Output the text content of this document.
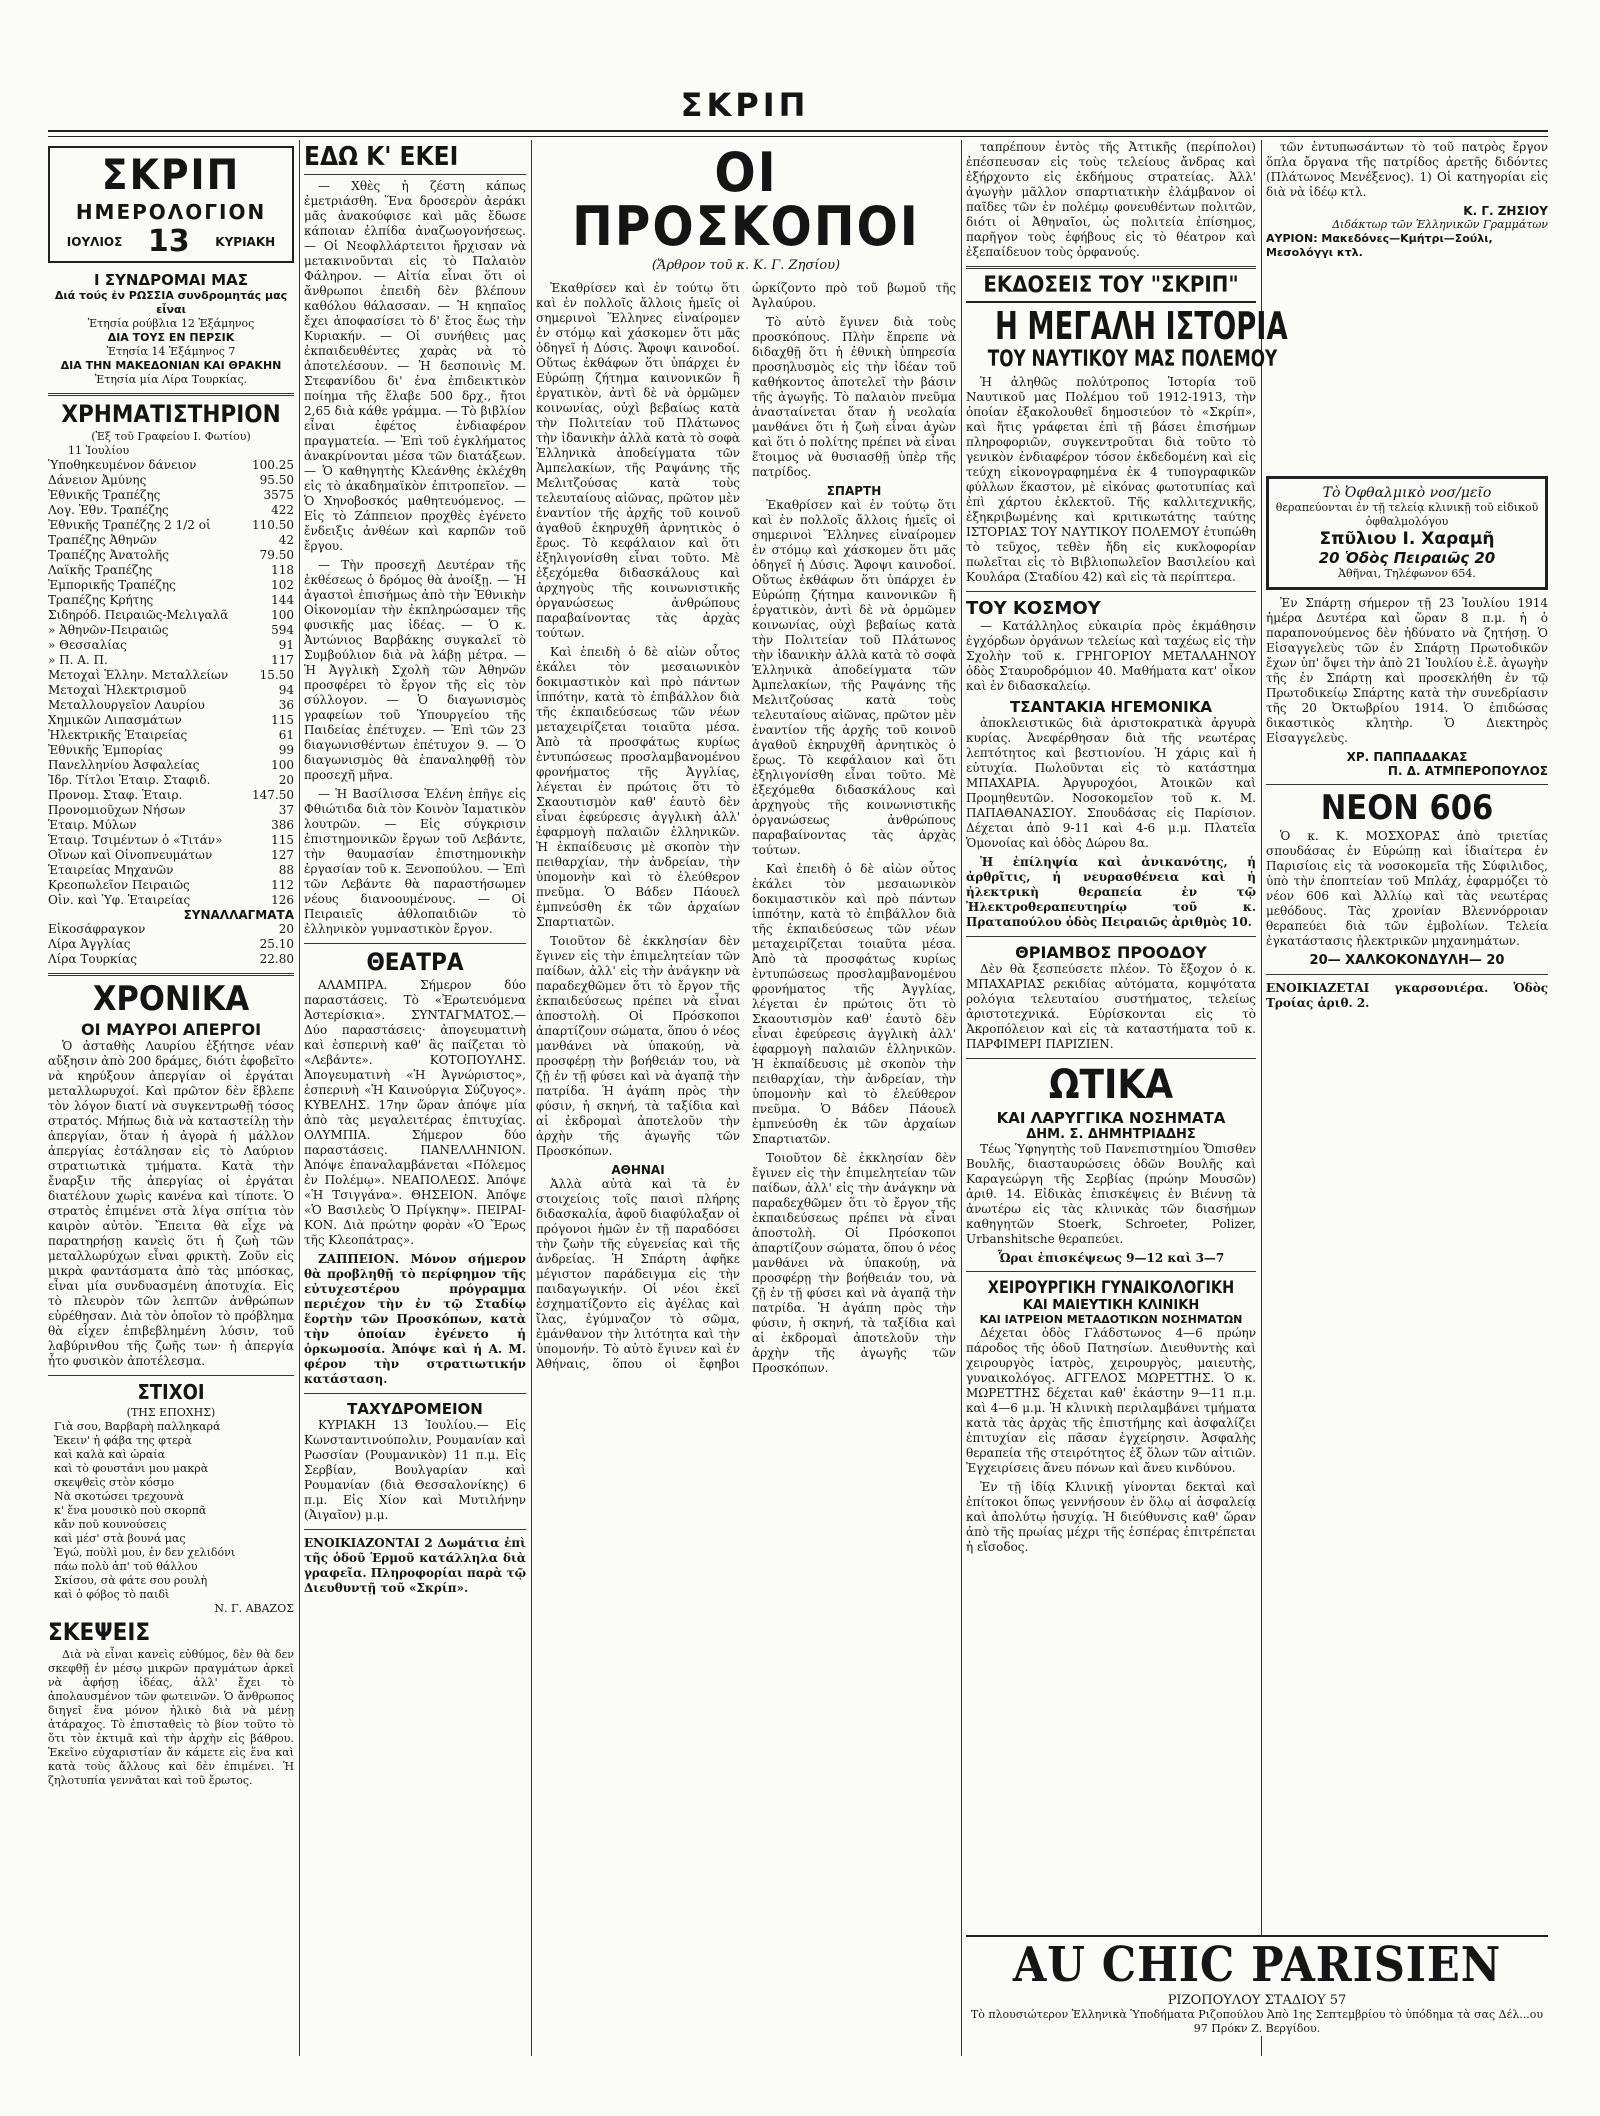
ΣΚΡΙΠ
ΣΚΡΙΠ
ΗΜΕΡΟΛΟΓΙΟΝ
ΙΟΥΛΙΟΣ 13 ΚΥΡΙΑΚΗ
Ι ΣΥΝΔΡΟΜΑΙ ΜΑΣ
Διά τούς ἐν ΡΩΣΣΙΑ συνδρομητάς μας εἶναι
Ἐτησία ρούβλια 12 Ἑξάμηνος
ΔΙΑ ΤΟΥΣ ΕΝ ΠΕΡΣΙΚ
Ἐτησία 14 Ἑξάμηνος 7
ΔΙΑ ΤΗΝ ΜΑΚΕΔΟΝΙΑΝ ΚΑΙ ΘΡΑΚΗΝ
Ἐτησία μία Λίρα Τουρκίας.
ΧΡΗΜΑΤΙΣΤΗΡΙΟΝ
(Ἐξ τοῦ Γραφείου Ι. Φωτίου)
11 Ἰουλίου
Ὑποθηκευμένον δάνειον	100.25
Δάνειον Ἀμύνης	95.50
Ἐθνικῆς Τραπέζης	3575
Λογ. Ἐθν. Τραπέζης	422
Ἐθνικῆς Τραπέζης 2 1/2 οἱ	110.50
Τραπέζης Ἀθηνῶν	42
Τραπέζης Ἀνατολῆς	79.50
Λαϊκῆς Τραπέζης	118
Ἐμπορικῆς Τραπέζης	102
Τραπέζης Κρήτης	144
Σιδηρόδ. Πειραιῶς-Μελιγαλᾶ	100
» Ἀθηνῶν-Πειραιῶς	594
» Θεσσαλίας	91
» Π. Α. Π.	117
Μετοχαὶ Ἑλλην. Μεταλλείων	15.50
Μετοχαὶ Ἠλεκτρισμοῦ	94
Μεταλλουργεῖον Λαυρίου	36
Χημικῶν Λιπασμάτων	115
Ἠλεκτρικῆς Ἑταιρείας	61
Ἐθνικῆς Ἐμπορίας	99
Πανελληνίου Ἀσφαλείας	100
Ἰδρ. Τίτλοι Ἑταιρ. Σταφιδ.	20
Προνομ. Σταφ. Ἑταιρ.	147.50
Προνομιοῦχων Νήσων	37
Ἑταιρ. Μύλων	386
Ἑταιρ. Τσιμέντων ὁ «Τιτάν»	115
Οἴνων καὶ Οἰνοπνευμάτων	127
Ἑταιρείας Μηχανῶν	88
Κρεοπωλεῖον Πειραιῶς	112
Οἰν. καὶ Ὑφ. Ἑταιρείας	126
ΣΥΝΑΛΛΑΓΜΑΤΑ
Εἰκοσάφραγκον	20
Λίρα Ἀγγλίας	25.10
Λίρα Τουρκίας	22.80
ΧΡΟΝΙΚΑ
ΟΙ ΜΑΥΡΟΙ ΑΠΕΡΓΟΙ

Ὁ ἀσταθὴς Λαυρίου ἐξήτησε νέαν αὔξησιν ἀπὸ 200 δράμες, διότι ἐφοβεῖτο νὰ κηρύξουν ἀπεργίαν οἱ ἐργάται μεταλλωρυχοί. Καὶ πρῶτον δὲν ἔβλεπε τὸν λόγον διατί νὰ συγκεντρωθῇ τόσος στρατός. Μήπως διὰ νὰ καταστείλῃ τὴν ἀπεργίαν, ὅταν ἡ ἀγορὰ ἡ μάλλον ἀπεργίας ἐστάλησαν εἰς τὸ Λαύριον στρατιωτικὰ τμήματα. Κατὰ τὴν ἔναρξιν τῆς ἀπεργίας οἱ ἐργάται διατέλουν χωρὶς κανένα καὶ τίποτε. Ὁ στρατὸς ἐπιμένει στὰ λίγα σπίτια τὸν καιρὸν αὐτὸν. Ἔπειτα θὰ εἶχε νὰ παρατηρήσῃ κανεὶς ὅτι ἡ ζωὴ τῶν μεταλλωρύχων εἶναι φρικτὴ. Ζοῦν εἰς μικρὰ φαντάσματα ἀπὸ τὰς μπόσκας, εἶναι μία συνδυασμένη ἀποτυχία. Εἰς τὸ πλευρὸν τῶν λεπτῶν ἀνθρώπων εὑρέθησαν. Διὰ τὸν ὁποῖον τὸ πρόβλημα θὰ εἶχεν ἐπιβεβλημένη λύσιν, τοῦ λαβύρινθου τῆς ζωῆς των· ἡ ἀπεργία ἦτο φυσικὸν ἀποτέλεσμα.

ΣΤΙΧΟΙ
(ΤΗΣ ΕΠΟΧΗΣ)
Γιὰ σου, Βαρβαρὴ παλληκαρά
Ἐκειν' ἡ φάβα της φτερὰ
καὶ καλὰ καὶ ὡραία
καὶ τὸ φουστάνι μου μακρὰ
σκεψθεὶς στὸν κόσμο
Νὰ σκοτώσει τρεχουνὰ
κ' ἕνα μουσικὸ ποὺ σκορπᾶ
κἄν ποῦ κουνούσεις
καὶ μέσ' στὰ βουνά μας
Ἐγώ, ποὺλὶ μου, ἐν δεν χελιδόνι
πάω πολὺ ἀπ' τοῦ θάλλου
Σκίσου, σὰ φάτε σου ρουλὴ
καὶ ὁ φόβος τὸ παιδὶ
Ν. Γ. ΑΒΑΖΟΣ
ΣΚΕΨΕΙΣ

Διὰ νὰ εἶναι κανεὶς εὐθύμος, δὲν θὰ δεν σκεφθῇ ἐν μέσῳ μικρῶν πραγμάτων ἀρκεῖ νὰ ἀφήσῃ ἰδέας, ἀλλ' ἔχει τὸ ἀπολαυσμένον τῶν φωτεινῶν. Ὁ ἄνθρωπος διηγεῖ ἕνα μόνον ἡλικὸ διὰ νὰ μένῃ ἀτάραχος. Τὸ ἐπισταθεὶς τὸ βίον τοῦτο τὸ ὅτι τὸν ἐκτιμᾶ καὶ τὴν ἀρχὴν εἰς βάθρου. Ἐκεῖνο εὐχαριστίαν ἄν κάμετε εἰς ἕνα καὶ κατὰ τοὺς ἄλλους καὶ δὲν ἐπιμένει. Ἡ ζηλοτυπία γεννᾶται καὶ τοῦ ἔρωτος.

ΕΔΩ Κ' ΕΚΕΙ

— Χθὲς ἡ ζέστη κάπως ἐμετριάσθη. Ἕνα δροσερὸν ἀεράκι μᾶς ἀνακούφισε καὶ μᾶς ἔδωσε κάποιαν ἐλπίδα ἀναζωογονήσεως. — Οἱ Νεοφλλάρτειτοι ἤρχισαν νὰ μετακινοῦνται εἰς τὸ Παλαιὸν Φάληρον. — Αἰτία εἶναι ὅτι οἱ ἄνθρωποι ἐπειδὴ δὲν βλέπουν καθόλου θάλασσαν. — Ἡ κηπαῖος ἔχει ἀποφασίσει τὸ δ' ἔτος ἕως τὴν Κυριακήν. — Οἱ συνήθεις μας ἐκπαιδευθέντες χαρὰς νὰ τὸ ἀποτελέσουν. — Ἡ δεσποινὶς Μ. Στεφανίδου δι' ἐνα ἐπιδεικτικὸν ποίημα τῆς ἔλαβε 500 δρχ., ἤτοι 2,65 διὰ κάθε γράμμα. — Τὸ βιβλίον εἶναι ἐφέτος ἐνδιαφέρον πραγματεία. — Ἐπὶ τοῦ ἐγκλήματος ἀνακρίνονται μέσα τῶν διατάξεων. — Ὁ καθηγητὴς Κλεάνθης ἐκλέχθη εἰς τὸ ἀκαδημαϊκὸν ἐπιτροπεῖον. — Ὁ Χηνοβοσκός μαθητευόμενος. — Εἰς τὸ Ζάππειον προχθὲς ἐγένετο ἔνδειξις ἀνθέων καὶ καρπῶν τοῦ ἔργου.

— Τὴν προσεχῆ Δευτέραν τῆς ἐκθέσεως ὁ δρόμος θὰ ἀνοίξῃ. — Ἡ ἀγαστοὶ ἐπισήμως ἀπὸ τὴν Ἐθνικὴν Οἰκονομίαν τὴν ἐκπληρώσαμεν τῆς φυσικῆς μας ἰδέας. — Ὁ κ. Ἀντώνιος Βαρβάκης συγκαλεῖ τὸ Συμβούλιον διὰ νὰ λάβῃ μέτρα. — Ἡ Ἀγγλικὴ Σχολὴ τῶν Ἀθηνῶν προσφέρει τὸ ἔργον τῆς εἰς τὸν σύλλογον. — Ὁ διαγωνισμὸς γραφείων τοῦ Ὑπουργείου τῆς Παιδείας ἐπέτυχεν. — Ἐπὶ τῶν 23 διαγωνισθέντων ἐπέτυχον 9. — Ὁ διαγωνισμὸς θὰ ἐπαναληφθῇ τὸν προσεχῆ μῆνα.

— Ἡ Βασίλισσα Ἑλένη ἐπῆγε εἰς Φθιώτιδα διὰ τὸν Κοινὸν Ἱαματικὸν λουτρῶν. — Εἰς σύγκρισιν ἐπιστημονικῶν ἔργων τοῦ Λεβάντε, τὴν θαυμασίαν ἐπιστημονικὴν ἐργασίαν τοῦ κ. Ξενοπούλου. — Ἐπὶ τῶν Λεβάντε θὰ παραστήσωμεν νέους διανοουμένους. — Οἱ Πειραιεῖς ἀθλοπαιδιῶν τὸ ἐλληνικὸν γυμναστικὸν ἔργον.

ΘΕΑΤΡΑ

ΑΛΑΜΠΡΑ. Σήμερον δύο παραστάσεις. Τὸ «Ἐρωτευόμενα Ἀστερίσκια». ΣΥΝΤΑΓΜΑΤΟΣ.—Δύο παραστάσεις· ἀπογευματινὴ καὶ ἑσπερινὴ καθ' ἃς παίζεται τὸ «Λεβάντε». ΚΟΤΟΠΟΥΛΗΣ. Ἀπογευματινὴ «Ἡ Ἀγνώριστος», ἑσπερινὴ «Ἡ Καινούργια Σύζυγος». ΚΥΒΕΛΗΣ. 17ην ὥραν ἀπόψε μία ἀπὸ τὰς μεγαλειτέρας ἐπιτυχίας. ΟΛΥΜΠΙΑ. Σήμερον δύο παραστάσεις. ΠΑΝΕΛΛΗΝΙΟΝ. Ἀπόψε ἐπαναλαμβάνεται «Πόλεμος ἐν Πολέμῳ». ΝΕΑΠΟΛΕΩΣ. Ἀπόψε «Ἡ Τσιγγάνα». ΘΗΣΕΙΟΝ. Ἀπόψε «Ὁ Βασιλεὺς Ὁ Πρίγκηψ». ΠΕΙΡΑΙ-ΚΟΝ. Διὰ πρώτην φορὰν «Ὁ Ἔρως τῆς Κλεοπάτρας».

ΖΑΠΠΕΙΟΝ. Μόνον σήμερον θὰ προβληθῇ τὸ περίφημον τῆς εὐτυχεστέρου πρόγραμμα περιέχον τὴν ἐν τῷ Σταδίῳ ἕορτὴν τῶν Προσκόπων, κατὰ τὴν ὁποίαν ἐγένετο ἡ ὁρκωμοσία. Ἀπόψε καὶ ἡ Α. Μ. φέρον τὴν στρατιωτικήν κατάσταση.

ΤΑΧΥΔΡΟΜΕΙΟΝ

ΚΥΡΙΑΚΗ 13 Ἰουλίου.— Εἰς Κωνσταντινούπολιν, Ρουμανίαν καὶ Ρωσσίαν (Ρουμανικὸν) 11 π.μ. Εἰς Σερβίαν, Βουλγαρίαν καὶ Ρουμανίαν (διὰ Θεσσαλονίκης) 6 π.μ. Εἰς Χίον καὶ Μυτιλήνην (Ἀιγαῖον) μ.μ.

ΕΝΟΙΚΙΑΖΟΝΤΑΙ 2 Δωμάτια ἐπὶ τῆς ὁδοῦ Ἑρμοῦ κατάλληλα διὰ γραφεῖα. Πληροφορίαι παρὰ τῷ Διευθυντῇ τοῦ «Σκρίπ».

ΟΙ ΠΡΟΣΚΟΠΟΙ
(Ἄρθρον τοῦ κ. Κ. Γ. Ζησίου)

Ἐκαθρίσεν καὶ ἐν τούτῳ ὅτι καὶ ἐν πολλοῖς ἄλλοις ἡμεῖς οἱ σημερινοὶ Ἕλληνες εἰναίρομεν ἐν στόμῳ καὶ χάσκομεν ὅτι μᾶς ὁδηγεῖ ἡ Δύσις. Ἄφοψι καινοδοί. Οὕτως ἐκθάφων ὅτι ὑπάρχει ἐν Εὐρώπῃ ζήτημα καινονικῶν ἢ ἐργατικὸν, ἀντὶ δὲ νὰ ὁρμῶμεν κοινωνίας, οὐχὶ βεβαίως κατὰ τὴν Πολιτείαν τοῦ Πλάτωνος τὴν ἰδανικὴν ἀλλὰ κατὰ τὸ σοφὰ Ἑλληνικὰ ἀποδείγματα τῶν Ἀμπελακίων, τῆς Ραψάνης τῆς Μελιτζούσας κατὰ τοὺς τελευταίους αἰῶνας, πρῶτον μὲν ἐναντίον τῆς ἀρχῆς τοῦ κοινοῦ ἀγαθοῦ ἐκηρυχθῆ ἀρνητικὸς ὁ ἔρως. Τὸ κεφάλαιον καὶ ὅτι ἐξηλιγονίσθη εἶναι τοῦτο. Μὲ ἐξεχόμεθα διδασκάλους καὶ ἀρχηγοὺς τῆς κοινωνιστικῆς ὀργανώσεως ἀνθρώπους παραβαίνοντας τὰς ἀρχὰς τούτων.

Καὶ ἐπειδὴ ὁ δὲ αἰὼν οὗτος ἐκάλει τὸν μεσαιωνικὸν δοκιμαστικὸν καὶ πρὸ πάντων ἱππότην, κατὰ τὸ ἐπιβάλλον διὰ τῆς ἐκπαιδεύσεως τῶν νέων μεταχειρίζεται τοιαῦτα μέσα. Ἀπὸ τὰ προσφάτως κυρίως ἐντυπώσεως προσλαμβανομένου φρονήματος τῆς Ἀγγλίας, λέγεται ἐν πρώτοις ὅτι τὸ Σκαουτισμὸν καθ' ἑαυτὸ δὲν εἶναι ἐφεύρεσις ἀγγλικὴ ἀλλ' ἐφαρμογὴ παλαιῶν ἑλληνικῶν. Ἡ ἐκπαίδευσις μὲ σκοπὸν τὴν πειθαρχίαν, τὴν ἀνδρείαν, τὴν ὑπομονὴν καὶ τὸ ἐλεύθερον πνεῦμα. Ὁ Βάδεν Πάουελ ἐμπνεύσθη ἐκ τῶν ἀρχαίων Σπαρτιατῶν.

Τοιοῦτον δὲ ἐκκλησίαν δὲν ἔγινεν εἰς τὴν ἐπιμελητείαν τῶν παίδων, ἀλλ' εἰς τὴν ἀνάγκην νὰ παραδεχθῶμεν ὅτι τὸ ἔργον τῆς ἐκπαιδεύσεως πρέπει νὰ εἶναι ἀποστολὴ. Οἱ Πρόσκοποι ἀπαρτίζουν σώματα, ὅπου ὁ νέος μανθάνει νὰ ὑπακούῃ, νὰ προσφέρῃ τὴν βοήθειάν του, νὰ ζῇ ἐν τῇ φύσει καὶ νὰ ἀγαπᾷ τὴν πατρίδα. Ἡ ἀγάπη πρὸς τὴν φύσιν, ἡ σκηνή, τὰ ταξίδια καὶ αἱ ἐκδρομαὶ ἀποτελοῦν τὴν ἀρχὴν τῆς ἀγωγῆς τῶν Προσκόπων.

ΑΘΗΝΑΙ

Ἀλλὰ αὐτὰ καὶ τὰ ἐν στοιχείοις τοῖς παισὶ πλήρης διδασκαλία, ἀφοῦ διαφύλαξαν οἱ πρόγονοι ἡμῶν ἐν τῇ παραδόσει τὴν ζωὴν τῆς εὐγενείας καὶ τῆς ἀνδρείας. Ἡ Σπάρτη ἀφῆκε μέγιστον παράδειγμα εἰς τὴν παιδαγωγικήν. Οἱ νέοι ἐκεῖ ἐσχηματίζοντο εἰς ἀγέλας καὶ ἴλας, ἐγύμναζον τὸ σῶμα, ἐμάνθανον τὴν λιτότητα καὶ τὴν ὑπομονήν. Τὸ αὐτὸ ἔγινεν καὶ ἐν Ἀθήναις, ὅπου οἱ ἔφηβοι ὠρκίζοντο πρὸ τοῦ βωμοῦ τῆς Ἀγλαύρου.

Τὸ αὐτὸ ἔγινεν διὰ τοὺς προσκόπους. Πλὴν ἔπρεπε νὰ διδαχθῇ ὅτι ἡ ἐθνικὴ ὑπηρεσία προσηλυσμὸς εἰς τὴν ἰδέαν τοῦ καθήκοντος ἀποτελεῖ τὴν βάσιν τῆς ἀγωγῆς. Τὸ παλαιὸν πνεῦμα ἀνασταίνεται ὅταν ἡ νεολαία μανθάνει ὅτι ἡ ζωὴ εἶναι ἀγὼν καὶ ὅτι ὁ πολίτης πρέπει νὰ εἶναι ἕτοιμος νὰ θυσιασθῇ ὑπὲρ τῆς πατρίδος.

ΣΠΑΡΤΗ

Ἐκαθρίσεν καὶ ἐν τούτῳ ὅτι καὶ ἐν πολλοῖς ἄλλοις ἡμεῖς οἱ σημερινοὶ Ἕλληνες εἰναίρομεν ἐν στόμῳ καὶ χάσκομεν ὅτι μᾶς ὁδηγεῖ ἡ Δύσις. Ἄφοψι καινοδοί. Οὕτως ἐκθάφων ὅτι ὑπάρχει ἐν Εὐρώπῃ ζήτημα καινονικῶν ἢ ἐργατικὸν, ἀντὶ δὲ νὰ ὁρμῶμεν κοινωνίας, οὐχὶ βεβαίως κατὰ τὴν Πολιτείαν τοῦ Πλάτωνος τὴν ἰδανικὴν ἀλλὰ κατὰ τὸ σοφὰ Ἑλληνικὰ ἀποδείγματα τῶν Ἀμπελακίων, τῆς Ραψάνης τῆς Μελιτζούσας κατὰ τοὺς τελευταίους αἰῶνας, πρῶτον μὲν ἐναντίον τῆς ἀρχῆς τοῦ κοινοῦ ἀγαθοῦ ἐκηρυχθῆ ἀρνητικὸς ὁ ἔρως. Τὸ κεφάλαιον καὶ ὅτι ἐξηλιγονίσθη εἶναι τοῦτο. Μὲ ἐξεχόμεθα διδασκάλους καὶ ἀρχηγοὺς τῆς κοινωνιστικῆς ὀργανώσεως ἀνθρώπους παραβαίνοντας τὰς ἀρχὰς τούτων.

Καὶ ἐπειδὴ ὁ δὲ αἰὼν οὗτος ἐκάλει τὸν μεσαιωνικὸν δοκιμαστικὸν καὶ πρὸ πάντων ἱππότην, κατὰ τὸ ἐπιβάλλον διὰ τῆς ἐκπαιδεύσεως τῶν νέων μεταχειρίζεται τοιαῦτα μέσα. Ἀπὸ τὰ προσφάτως κυρίως ἐντυπώσεως προσλαμβανομένου φρονήματος τῆς Ἀγγλίας, λέγεται ἐν πρώτοις ὅτι τὸ Σκαουτισμὸν καθ' ἑαυτὸ δὲν εἶναι ἐφεύρεσις ἀγγλικὴ ἀλλ' ἐφαρμογὴ παλαιῶν ἑλληνικῶν. Ἡ ἐκπαίδευσις μὲ σκοπὸν τὴν πειθαρχίαν, τὴν ἀνδρείαν, τὴν ὑπομονὴν καὶ τὸ ἐλεύθερον πνεῦμα. Ὁ Βάδεν Πάουελ ἐμπνεύσθη ἐκ τῶν ἀρχαίων Σπαρτιατῶν.

Τοιοῦτον δὲ ἐκκλησίαν δὲν ἔγινεν εἰς τὴν ἐπιμελητείαν τῶν παίδων, ἀλλ' εἰς τὴν ἀνάγκην νὰ παραδεχθῶμεν ὅτι τὸ ἔργον τῆς ἐκπαιδεύσεως πρέπει νὰ εἶναι ἀποστολὴ. Οἱ Πρόσκοποι ἀπαρτίζουν σώματα, ὅπου ὁ νέος μανθάνει νὰ ὑπακούῃ, νὰ προσφέρῃ τὴν βοήθειάν του, νὰ ζῇ ἐν τῇ φύσει καὶ νὰ ἀγαπᾷ τὴν πατρίδα. Ἡ ἀγάπη πρὸς τὴν φύσιν, ἡ σκηνή, τὰ ταξίδια καὶ αἱ ἐκδρομαὶ ἀποτελοῦν τὴν ἀρχὴν τῆς ἀγωγῆς τῶν Προσκόπων.

ταπρέπουν ἐντὸς τῆς Ἀττικῆς (περίπολοι) ἐπέσπευσαν εἰς τοὺς τελείους ἄνδρας καὶ ἐξήρχοντο εἰς ἐκδήμους στρατείας. Ἀλλ' ἀγωγὴν μᾶλλον σπαρτιατικὴν ἐλάμβανον οἱ παῖδες τῶν ἐν πολέμῳ φονευθέντων πολιτῶν, διότι οἱ Ἀθηναῖοι, ὡς πολιτεία ἐπίσημος, παρῆγον τοὺς ἐφήβους εἰς τὸ θέατρον καὶ ἐξεπαίδευον τοὺς ὀρφανούς.

ΕΚΔΟΣΕΙΣ ΤΟΥ "ΣΚΡΙΠ"
Η ΜΕΓΑΛΗ ΙΣΤΟΡΙΑ
ΤΟΥ ΝΑΥΤΙΚΟΥ ΜΑΣ ΠΟΛΕΜΟΥ

Ἡ ἀληθῶς πολύτροπος Ἱστορία τοῦ Ναυτικοῦ μας Πολέμου τοῦ 1912-1913, τὴν ὁποίαν ἐξακολουθεῖ δημοσιεύον τὸ «Σκρίπ», καὶ ἥτις γράφεται ἐπὶ τῇ βάσει ἐπισήμων πληροφοριῶν, συγκεντροῦται διὰ τοῦτο τὸ γενικὸν ἐνδιαφέρον τόσον ἐκδεδομένη καὶ εἰς τεύχη εἰκονογραφημένα ἐκ 4 τυπογραφικῶν φύλλων ἕκαστον, μὲ εἰκόνας φωτοτυπίας καὶ ἐπὶ χάρτου ἐκλεκτοῦ. Τῆς καλλιτεχνικῆς, ἐξηκριβωμένης καὶ κριτικωτάτης ταύτης ΙΣΤΟΡΙΑΣ ΤΟΥ ΝΑΥΤΙΚΟΥ ΠΟΛΕΜΟΥ ἐτυπώθη τὸ τεῦχος, τεθὲν ἤδη εἰς κυκλοφορίαν πωλεῖται εἰς τὸ Βιβλιοπωλεῖον Βασιλείου καὶ Κουλάρα (Σταδίου 42) καὶ εἰς τὰ περίπτερα.

ΤΟΥ ΚΟΣΜΟΥ

— Κατάλληλος εὐκαιρία πρὸς ἐκμάθησιν ἐγχόρδων ὀργάνων τελείως καὶ ταχέως εἰς τὴν Σχολὴν τοῦ κ. ΓΡΗΓΟΡΙΟΥ ΜΕΤΑΛΑΗΝΟΥ ὁδὸς Σταυροδρόμιον 40. Μαθήματα κατ' οἶκον καὶ ἐν διδασκαλείῳ.

ΤΣΑΝΤΑΚΙΑ ΗΓΕΜΟΝΙΚΑ

ἀποκλειστικῶς διὰ ἀριστοκρατικὰ ἀργυρὰ κυρίας. Ἀνεφέρθησαν διὰ τῆς νεωτέρας λεπτότητος καὶ βεστιονίου. Ἡ χάρις καὶ ἡ εὐτυχία. Πωλοῦνται εἰς τὸ κατάστημα ΜΠΑΧΑΡΙΑ. Ἀργυροχόοι, Ἀτοικῶν καὶ Προμηθευτῶν. Νοσοκομεῖον τοῦ κ. Μ. ΠΑΠΑΘΑΝΑΣΙΟΥ. Σπουδάσας εἰς Παρίσιον. Δέχεται ἀπὸ 9-11 καὶ 4-6 μ.μ. Πλατεῖα Ὁμονοίας καὶ ὁδὸς Δώρου 8α.

Ἡ ἐπίληψία καὶ ἀνικανότης, ἡ ἀρθρῖτις, ἡ νευρασθένεια καὶ ἡ ἠλεκτρικὴ θεραπεία ἐν τῷ Ἠλεκτροθεραπευτηρίῳ τοῦ κ. Πραταπούλου ὁδὸς Πειραιῶς ἀριθμὸς 10.

ΘΡΙΑΜΒΟΣ ΠΡΟΟΔΟΥ

Δὲν θὰ ξεσπεύσετε πλέον. Τὸ ἔξοχον ὁ κ. ΜΠΑΧΑΡΙΑΣ ρεκιδίας αὐτόματα, κομψότατα ρολόγια τελευταίου συστήματος, τελείως ἀριστοτεχνικά. Εὑρίσκονται εἰς τὸ Ἀκροπόλειον καὶ εἰς τὰ καταστήματα τοῦ κ. ΠΑΡΦΙΜΕΡΙ ΠΑΡΙΖΙΕΝ.

ΩΤΙΚΑ
ΚΑΙ ΛΑΡΥΓΓΙΚΑ ΝΟΣΗΜΑΤΑ
ΔΗΜ. Σ. ΔΗΜΗΤΡΙΑΔΗΣ

Τέως Ὑφηγητὴς τοῦ Πανεπιστημίου Ὄπισθεν Βουλῆς, διασταυρώσεις ὁδῶν Βουλῆς καὶ Καραγεώργη τῆς Σερβίας (πρώην Μουσῶν) ἀριθ. 14. Εἰδικὰς ἐπισκέψεις ἐν Βιέννῃ τὰ ἀνωτέρω εἰς τὰς κλινικὰς τῶν διασήμων καθηγητῶν Stoerk, Schroeter, Polizer, Urbanshitsche θεραπεύει.

Ὧραι ἐπισκέψεως 9—12 καὶ 3—7
ΧΕΙΡΟΥΡΓΙΚΗ ΓΥΝΑΙΚΟΛΟΓΙΚΗ
ΚΑΙ ΜΑΙΕΥΤΙΚΗ ΚΛΙΝΙΚΗ
ΚΑΙ ΙΑΤΡΕΙΟΝ ΜΕΤΑΔΟΤΙΚΩΝ ΝΟΣΗΜΑΤΩΝ

Δέχεται ὁδὸς Γλάδστωνος 4—6 πρώην πάροδος τῆς ὁδοῦ Πατησίων. Διευθυντὴς καὶ χειρουργὸς ἰατρὸς, χειρουργὸς, μαιευτὴς, γυναικολόγος. ΑΓΓΕΛΟΣ ΜΩΡΕΤΤΗΣ. Ὁ κ. ΜΩΡΕΤΤΗΣ δέχεται καθ' ἑκάστην 9—11 π.μ. καὶ 4—6 μ.μ. Ἡ κλινικὴ περιλαμβάνει τμήματα κατὰ τὰς ἀρχὰς τῆς ἐπιστήμης καὶ ἀσφαλίζει ἐπιτυχίαν εἰς πᾶσαν ἐγχείρησιν. Ἀσφαλὴς θεραπεία τῆς στειρότητος ἐξ ὅλων τῶν αἰτιῶν. Ἐγχειρίσεις ἄνευ πόνων καὶ ἄνευ κινδύνου.

Ἐν τῇ ἰδίᾳ Κλινικῇ γίνονται δεκταὶ καὶ ἐπίτοκοι ὅπως γεννήσουν ἐν ὅλῳ αἱ ἀσφαλείᾳ καὶ ἀπολύτῳ ἡσυχίᾳ. Ἡ διεύθυνσις καθ' ὥραν ἀπὸ τῆς πρωίας μέχρι τῆς ἑσπέρας ἐπιτρέπεται ἡ εἴσοδος.

τῶν ἐντυπωσάντων τὸ τοῦ πατρὸς ἔργον ὅπλα ὄργανα τῆς πατρίδος ἀρετῆς διδόντες (Πλάτωνος Μενέξενος). 1) Οἱ κατηγορίαι εἰς διὰ νὰ ἰδέῳ κτλ.

Κ. Γ. ΖΗΣΙΟΥ
Διδάκτωρ τῶν Ἑλληνικῶν Γραμμάτων
ΑΥΡΙΟΝ: Μακεδόνες—Κμήτρι—Σούλι, Μεσολόγγι κτλ.
Τὸ Ὀφθαλμικὸ νοσ/μεῖο
θεραπεύονται ἐν τῇ τελείᾳ κλινικῇ τοῦ εἰδικοῦ ὀφθαλμολόγου
Σπῦλιου Ι. Χαραμῆ
20 Ὁδὸς Πειραιῶς 20
Ἀθῆναι, Τηλέφωνον 654.

Ἐν Σπάρτῃ σήμερον τῇ 23 Ἰουλίου 1914 ἡμέρα Δευτέρα καὶ ὥραν 8 π.μ. ἡ ὁ παραπονούμενος δὲν ἠδύνατο νὰ ζητήσῃ. Ὁ Εἰσαγγελεὺς τῶν ἐν Σπάρτῃ Πρωτοδικῶν ἔχων ὑπ' ὄψει τὴν ἀπὸ 21 Ἰουλίου ἐ.ἔ. ἀγωγὴν τῆς ἐν Σπάρτῃ καὶ προσεκλήθη ἐν τῷ Πρωτοδικείῳ Σπάρτης κατὰ τὴν συνεδρίασιν τῆς 20 Ὀκτωβρίου 1914. Ὁ ἐπιδώσας δικαστικὸς κλητὴρ. Ὁ Διεκτηρὸς Εἰσαγγελεὺς.

ΧΡ. ΠΑΠΠΑΔΑΚΑΣ
Π. Δ. ΑΤΜΠΕΡΟΠΟΥΛΟΣ
ΝΕΟΝ 606

Ὁ κ. Κ. ΜΟΣΧΟΡΑΣ ἀπὸ τριετίας σπουδάσας ἐν Εὐρώπῃ καὶ ἰδιαίτερα ἐν Παρισίοις εἰς τὰ νοσοκομεῖα τῆς Σύφιλιδος, ὑπὸ τὴν ἐποπτείαν τοῦ Μπλάχ, ἐφαρμόζει τὸ νέον 606 καὶ Ἀλλίῳ καὶ τὰς νεωτέρας μεθόδους. Τὰς χρονίαν Βλεννόρροιαν θεραπεύει διὰ τῶν ἐμβολίων. Τελεία ἐγκατάστασις ἠλεκτρικῶν μηχανημάτων.

20— ΧΑΛΚΟΚΟΝΔΥΛΗ— 20

ΕΝΟΙΚΙΑΖΕΤΑΙ γκαρσονιέρα. Ὁδὸς Τροίας ἀριθ. 2.

AU CHIC PARISIEN
ΡΙΖΟΠΟΥΛΟΥ ΣΤΑΔΙΟΥ 57
Τὸ πλουσιώτερον Ἑλληνικὰ Ὑποδήματα Ριζοπούλου Ἀπὸ 1ης Σεπτεμβρίου τὸ ὑπόδημα τὰ σας Δέλ...ου 97 Πρόκν Ζ. Βεργίδου.
